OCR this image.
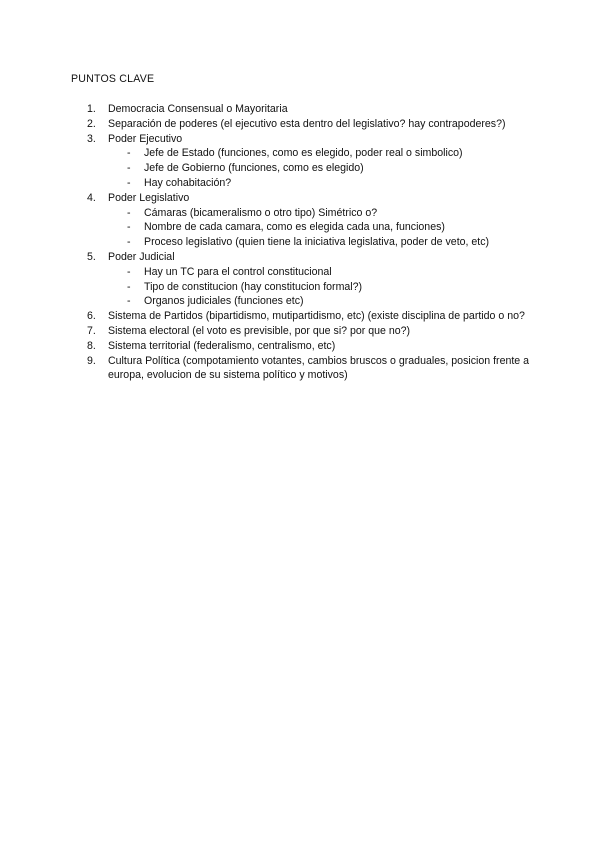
PUNTOS CLAVE
1. Democracia Consensual o Mayoritaria
2. Separación de poderes (el ejecutivo esta dentro del legislativo? hay contrapoderes?)
3. Poder Ejecutivo
- Jefe de Estado (funciones, como es elegido, poder real o simbolico)
- Jefe de Gobierno (funciones, como es elegido)
- Hay cohabitación?
4. Poder Legislativo
- Cámaras (bicameralismo o otro tipo) Simétrico o?
- Nombre de cada camara, como es elegida cada una, funciones)
- Proceso legislativo (quien tiene la iniciativa legislativa, poder de veto, etc)
5. Poder Judicial
- Hay un TC para el control constitucional
- Tipo de constitucion (hay constitucion formal?)
- Organos judiciales (funciones etc)
6. Sistema de Partidos (bipartidismo, mutipartidismo, etc) (existe disciplina de partido o no?
7. Sistema electoral (el voto es previsible, por que si? por que no?)
8. Sistema territorial (federalismo, centralismo, etc)
9. Cultura Política (compotamiento votantes, cambios bruscos o graduales, posicion frente a europa, evolucion de su sistema político y motivos)
